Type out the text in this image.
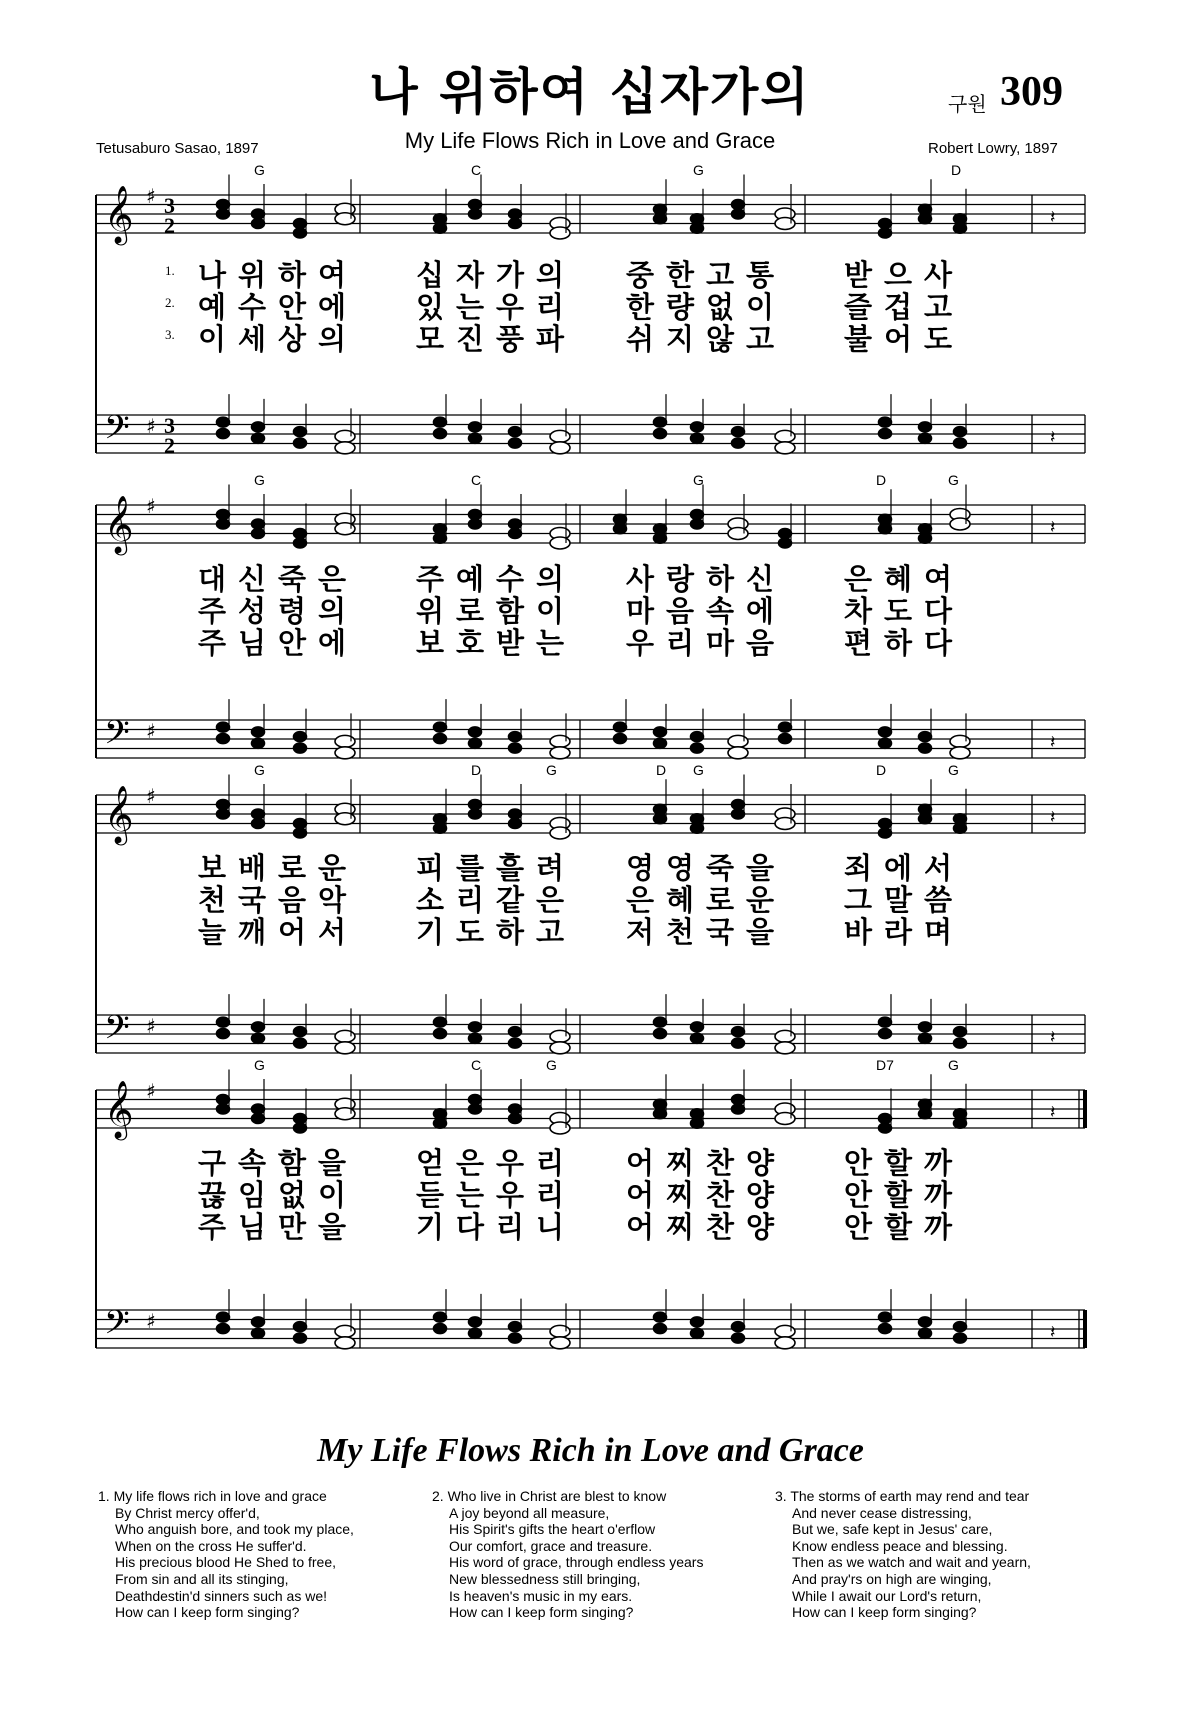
나 위하여 십자가의	구원 309
My Life Flows Rich in Love and Grace
Tetusaburo Sasao, 1897	Robert Lowry, 1897
𝄞
𝄢
♯
♯
3
2
3
2
G	C	G	D
𝄽
𝄽
𝄞
𝄢
♯
♯
G	C	G	D	G
𝄽
𝄽
𝄞
𝄢
♯
♯
G	D	G	D G	D	G
𝄽
𝄽
𝄞
𝄢
♯
♯
G	C	G	D7	G
𝄽
𝄽
1. 나 위 하 여 십 자 가 의 중 한 고 통 받 으 사
2. 예 수 안 에 있 는 우 리 한 량 없 이 즐 겁 고
3. 이 세 상 의 모 진 풍 파 쉬 지 않 고 불 어 도
대 신 죽 은 주 예 수 의 사 랑 하 신 은 혜 여
주 성 령 의 위 로 함 이 마 음 속 에 차 도 다
주 님 안 에 보 호 받 는 우 리 마 음 편 하 다
보 배 로 운 피 를 흘 려 영 영 죽 을 죄 에 서
천 국 음 악 소 리 같 은 은 혜 로 운 그 말 씀
늘 깨 어 서 기 도 하 고 저 천 국 을 바 라 며
구 속 함 을 얻 은 우 리 어 찌 찬 양 안 할 까
끊 임 없 이 듣 는 우 리 어 찌 찬 양 안 할 까
주 님 만 을 기 다 리 니 어 찌 찬 양 안 할 까
My Life Flows Rich in Love and Grace
1. My life flows rich in love and grace
By Christ mercy offer'd,
Who anguish bore, and took my place,
When on the cross He suffer'd.
His precious blood He Shed to free,
From sin and all its stinging,
Deathdestin'd sinners such as we!
How can I keep form singing?
2. Who live in Christ are blest to know
A joy beyond all measure,
His Spirit's gifts the heart o'erflow
Our comfort, grace and treasure.
His word of grace, through endless years
New blessedness still bringing,
Is heaven's music in my ears.
How can I keep form singing?
3. The storms of earth may rend and tear
And never cease distressing,
But we, safe kept in Jesus' care,
Know endless peace and blessing.
Then as we watch and wait and yearn,
And pray'rs on high are winging,
While I await our Lord's return,
How can I keep form singing?
